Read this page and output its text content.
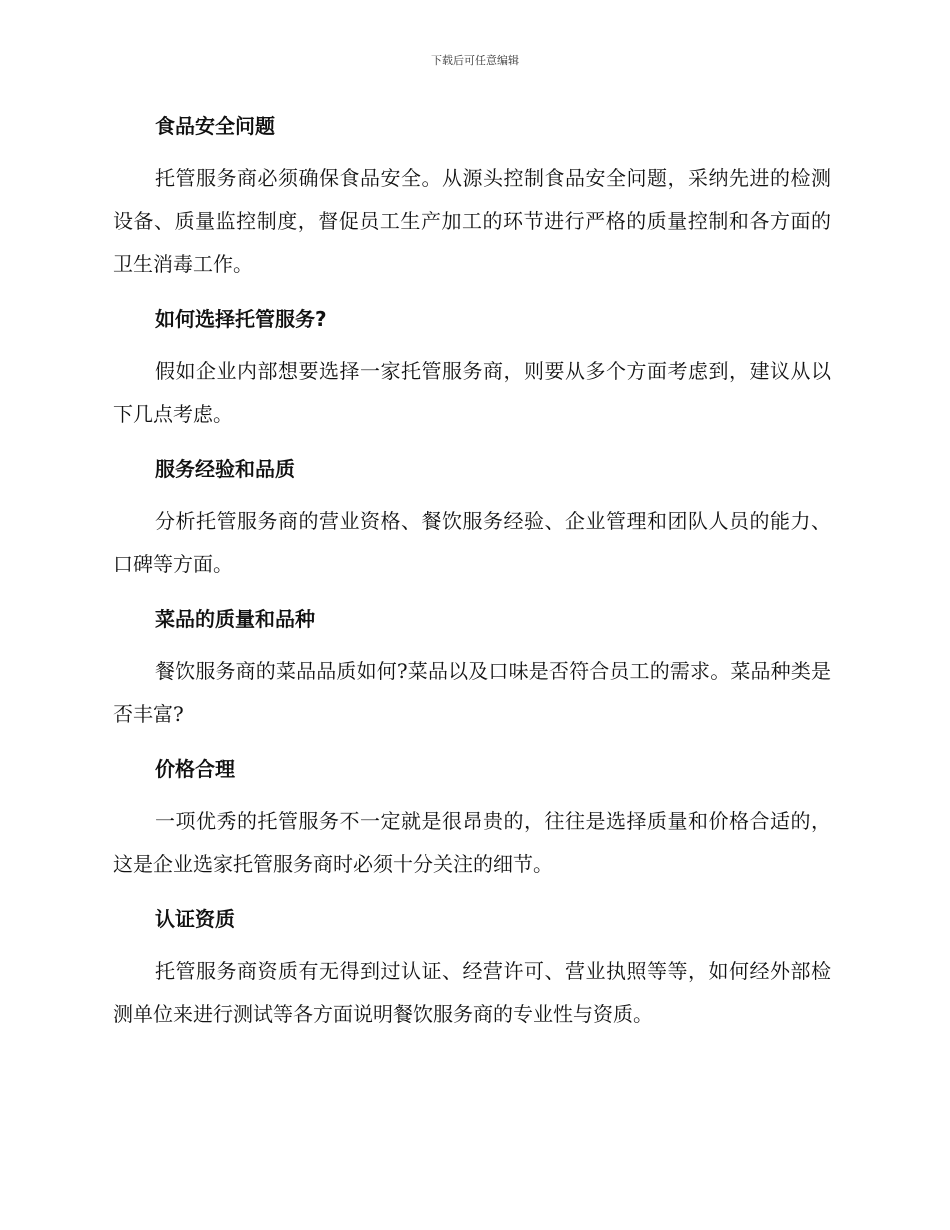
下载后可任意编辑
食品安全问题

托管服务商必须确保食品安全。从源头控制食品安全问题，采纳先进的检测设备、质量监控制度，督促员工生产加工的环节进行严格的质量控制和各方面的卫生消毒工作。

如何选择托管服务?

假如企业内部想要选择一家托管服务商，则要从多个方面考虑到，建议从以下几点考虑。

服务经验和品质

分析托管服务商的营业资格、餐饮服务经验、企业管理和团队人员的能力、口碑等方面。

菜品的质量和品种

餐饮服务商的菜品品质如何?菜品以及口味是否符合员工的需求。菜品种类是否丰富?

价格合理

一项优秀的托管服务不一定就是很昂贵的，往往是选择质量和价格合适的，这是企业选家托管服务商时必须十分关注的细节。

认证资质

托管服务商资质有无得到过认证、经营许可、营业执照等等，如何经外部检测单位来进行测试等各方面说明餐饮服务商的专业性与资质。
